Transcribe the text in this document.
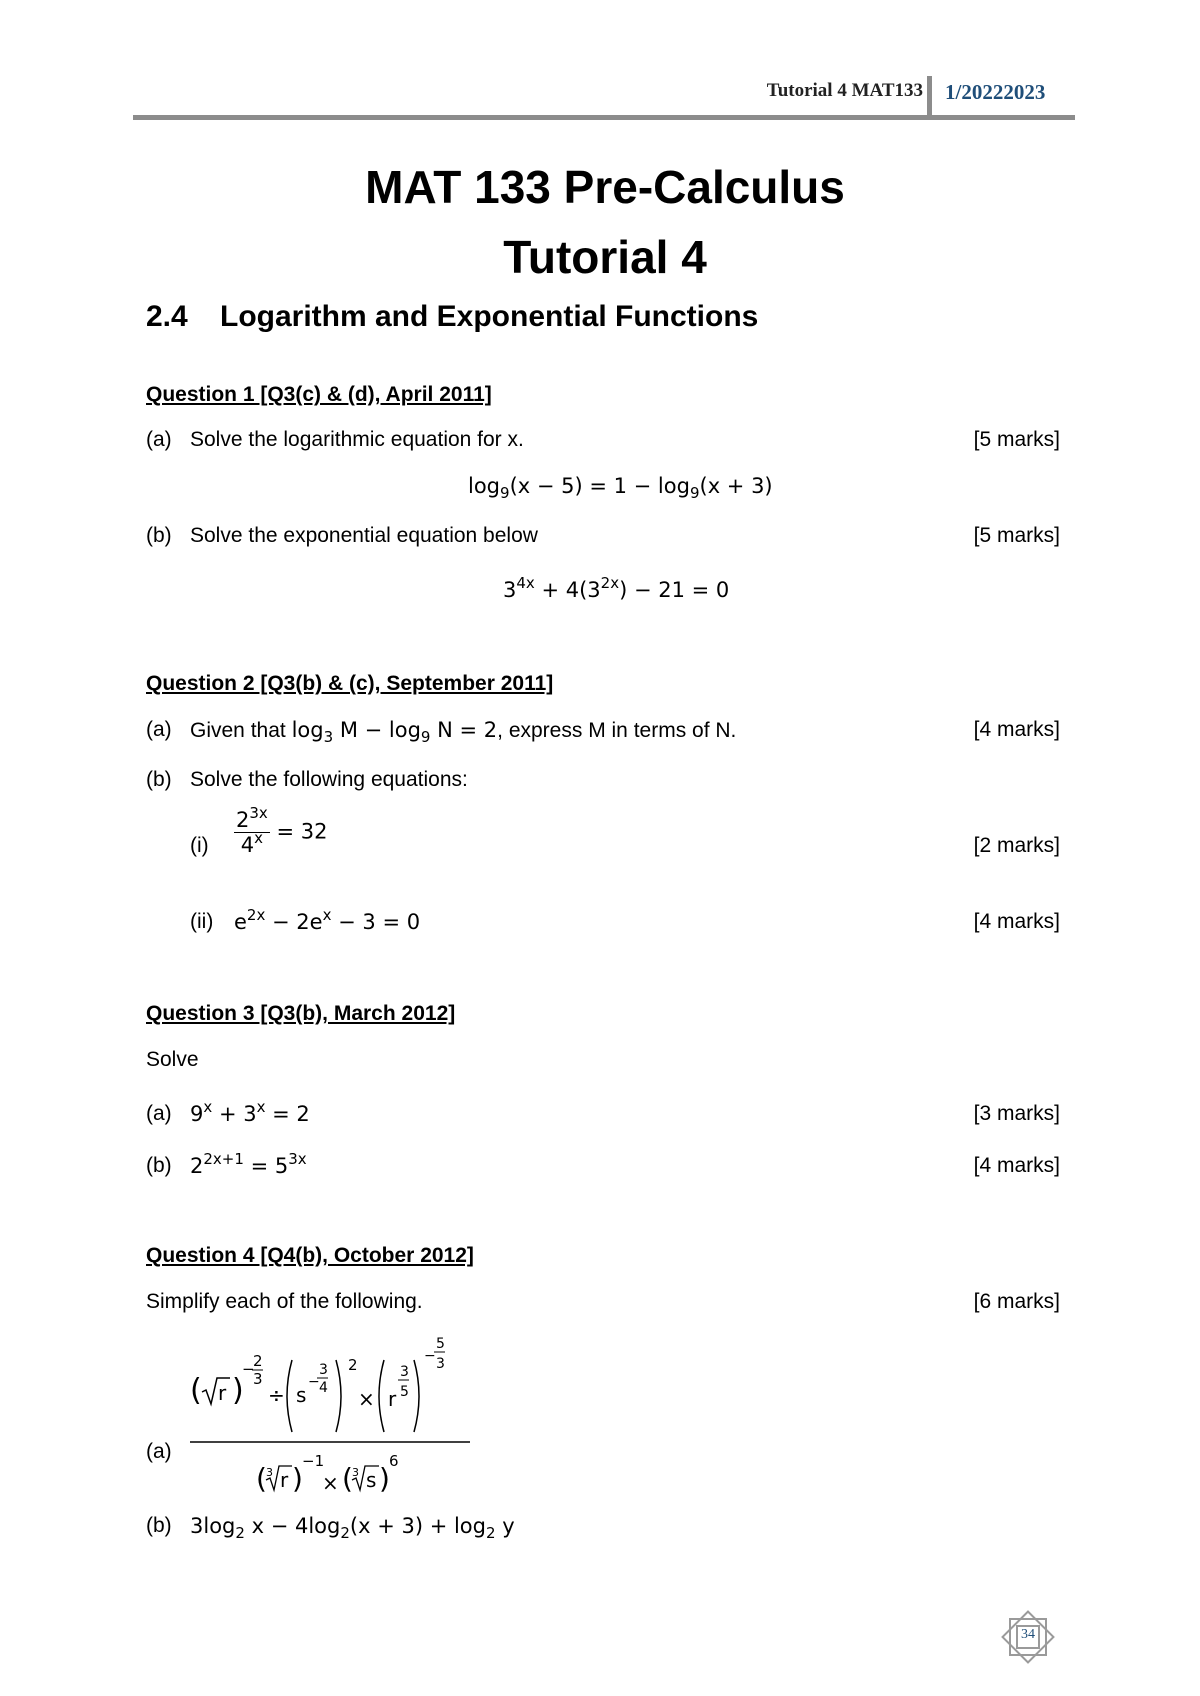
Tutorial 4 MAT133 1/20222023
MAT 133 Pre-Calculus
Tutorial 4
2.4 Logarithm and Exponential Functions
Question 1 [Q3(c) & (d), April 2011]
(a) Solve the logarithmic equation for x.	[5 marks]
$\log_9(x - 5) = 1 - \log_9(x + 3)$
(b) Solve the exponential equation below	[5 marks]
$3^{4x} + 4(3^{2x}) - 21 = 0$
Question 2 [Q3(b) & (c), September 2011]
(a) Given that $\log_3 M - \log_9 N = 2$, express M in terms of N.	[4 marks]
(b) Solve the following equations:
$(i) \frac{2^{3x}}{4^x} = 32$
[2 marks]
(ii) $e^{2x} - 2e^x - 3 = 0$	[4 marks]
Question 3 [Q3(b), March 2012]
Solve
(a) $9^x + 3^x = 2$	[3 marks]
(b) $2^{2x+1} = 5^{3x}$	[4 marks]
Question 4 [Q4(b), October 2012]
Simplify each of the following.	[6 marks]
(a)
( r )
−
2
3
÷ s
−
3
4
2
× r
3
5
−
5
3
( 3 r )
−1
× ( 3 s )
6
(b) $3\log_2$ $x - 4\log_2(x + 3) + \log_2 y$
34
